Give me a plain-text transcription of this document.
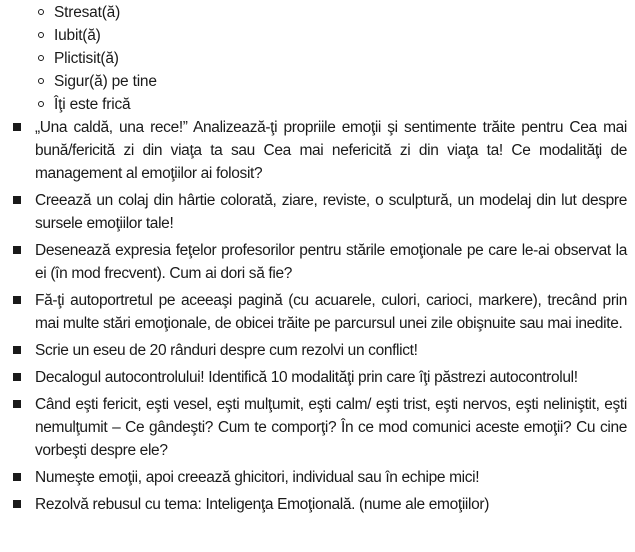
Stresat(ă)
Iubit(ă)
Plictisit(ă)
Sigur(ă) pe tine
Îţi este frică
„Una caldă, una rece!” Analizează-ţi propriile emoţii şi sentimente trăite pentru Cea mai bună/fericită zi din viaţa ta sau Cea mai nefericită zi din viaţa ta! Ce modalităţi de management al emoţiilor ai folosit?
Creează un colaj din hârtie colorată, ziare, reviste, o sculptură, un modelaj din lut despre sursele emoţiilor tale!
Desenează expresia feţelor profesorilor pentru stările emoţionale pe care le-ai observat la ei (în mod frecvent). Cum ai dori să fie?
Fă-ţi autoportretul pe aceeaşi pagină (cu acuarele, culori, carioci, markere), trecând prin mai multe stări emoţionale, de obicei trăite pe parcursul unei zile obişnuite sau mai inedite.
Scrie un eseu de 20 rânduri despre cum rezolvi un conflict!
Decalogul autocontrolului! Identifică 10 modalităţi prin care îţi păstrezi autocontrolul!
Când eşti fericit, eşti vesel, eşti mulţumit, eşti calm/ eşti trist, eşti nervos, eşti neliniştit, eşti nemulţumit – Ce gândeşti? Cum te comporţi? În ce mod comunici aceste emoţii? Cu cine vorbeşti despre ele?
Numeşte emoţii, apoi creează ghicitori, individual sau în echipe mici!
Rezolvă rebusul cu tema: Inteligenţa Emoţională. (nume ale emoţiilor)
